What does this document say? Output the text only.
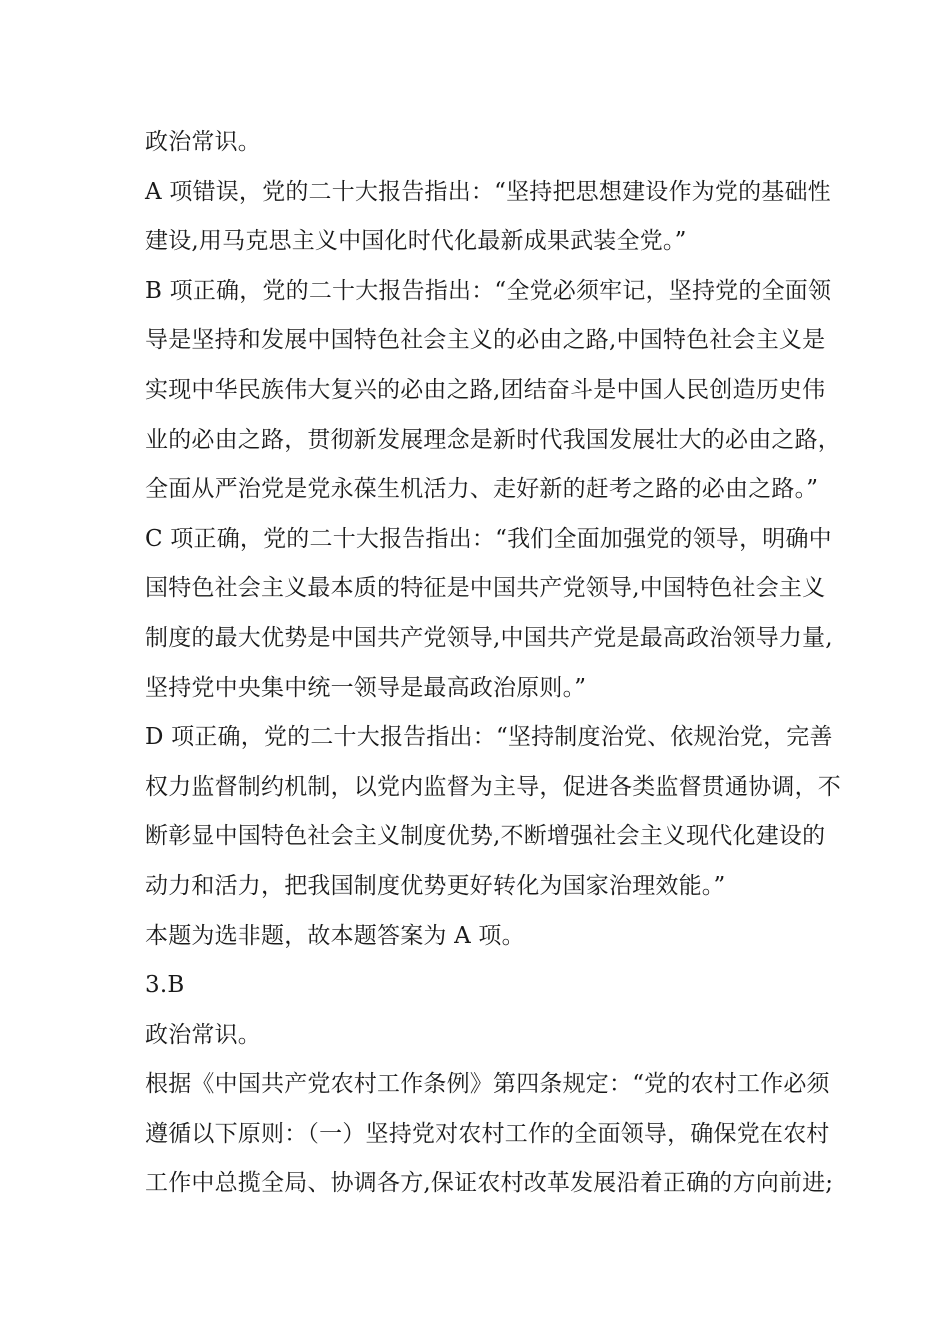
政治常识。
A 项错误，党的二十大报告指出：“坚持把思想建设作为党的基础性
建设,用马克思主义中国化时代化最新成果武装全党。”
B 项正确，党的二十大报告指出：“全党必须牢记，坚持党的全面领
导是坚持和发展中国特色社会主义的必由之路,中国特色社会主义是
实现中华民族伟大复兴的必由之路,团结奋斗是中国人民创造历史伟
业的必由之路，贯彻新发展理念是新时代我国发展壮大的必由之路，
全面从严治党是党永葆生机活力、走好新的赶考之路的必由之路。”
C 项正确，党的二十大报告指出：“我们全面加强党的领导，明确中
国特色社会主义最本质的特征是中国共产党领导,中国特色社会主义
制度的最大优势是中国共产党领导,中国共产党是最高政治领导力量,
坚持党中央集中统一领导是最高政治原则。”
D 项正确，党的二十大报告指出：“坚持制度治党、依规治党，完善
权力监督制约机制，以党内监督为主导，促进各类监督贯通协调，不
断彰显中国特色社会主义制度优势,不断增强社会主义现代化建设的
动力和活力，把我国制度优势更好转化为国家治理效能。”
本题为选非题，故本题答案为 A 项。
3.B
政治常识。
根据《中国共产党农村工作条例》第四条规定：“党的农村工作必须
遵循以下原则：（一）坚持党对农村工作的全面领导，确保党在农村
工作中总揽全局、协调各方,保证农村改革发展沿着正确的方向前进;
